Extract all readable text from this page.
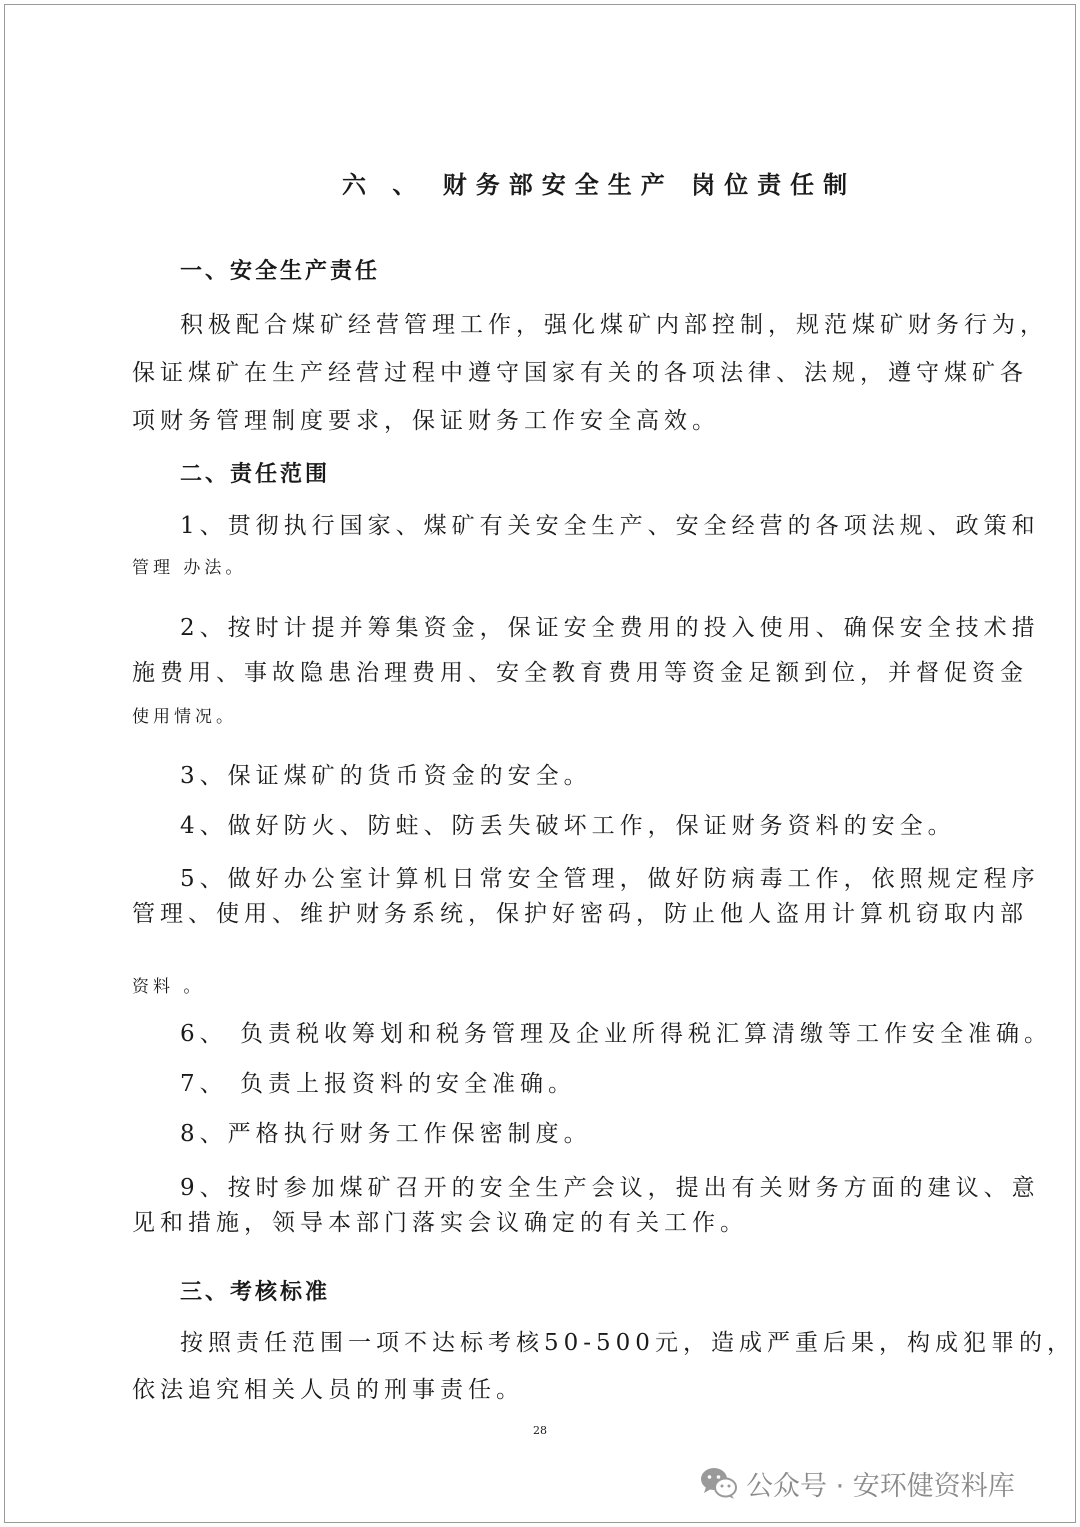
六 、 财务部安全生产 岗位责任制
一、安全生产责任
积极配合煤矿经营管理工作，强化煤矿内部控制，规范煤矿财务行为，
保证煤矿在生产经营过程中遵守国家有关的各项法律、法规，遵守煤矿各
项财务管理制度要求，保证财务工作安全高效。
二、责任范围
1、贯彻执行国家、煤矿有关安全生产、安全经营的各项法规、政策和
管理 办法。
2、按时计提并筹集资金，保证安全费用的投入使用、确保安全技术措
施费用、事故隐患治理费用、安全教育费用等资金足额到位，并督促资金
使用情况。
3、保证煤矿的货币资金的安全。
4、做好防火、防蛀、防丢失破坏工作，保证财务资料的安全。
5、做好办公室计算机日常安全管理，做好防病毒工作，依照规定程序
管理、使用、维护财务系统，保护好密码，防止他人盗用计算机窃取内部
资料 。
6、 负责税收筹划和税务管理及企业所得税汇算清缴等工作安全准确。
7、 负责上报资料的安全准确。
8、严格执行财务工作保密制度。
9、按时参加煤矿召开的安全生产会议，提出有关财务方面的建议、意
见和措施，领导本部门落实会议确定的有关工作。
三、考核标准
按照责任范围一项不达标考核50-500元，造成严重后果，构成犯罪的，
依法追究相关人员的刑事责任。
28
公众号 · 安环健资料库
